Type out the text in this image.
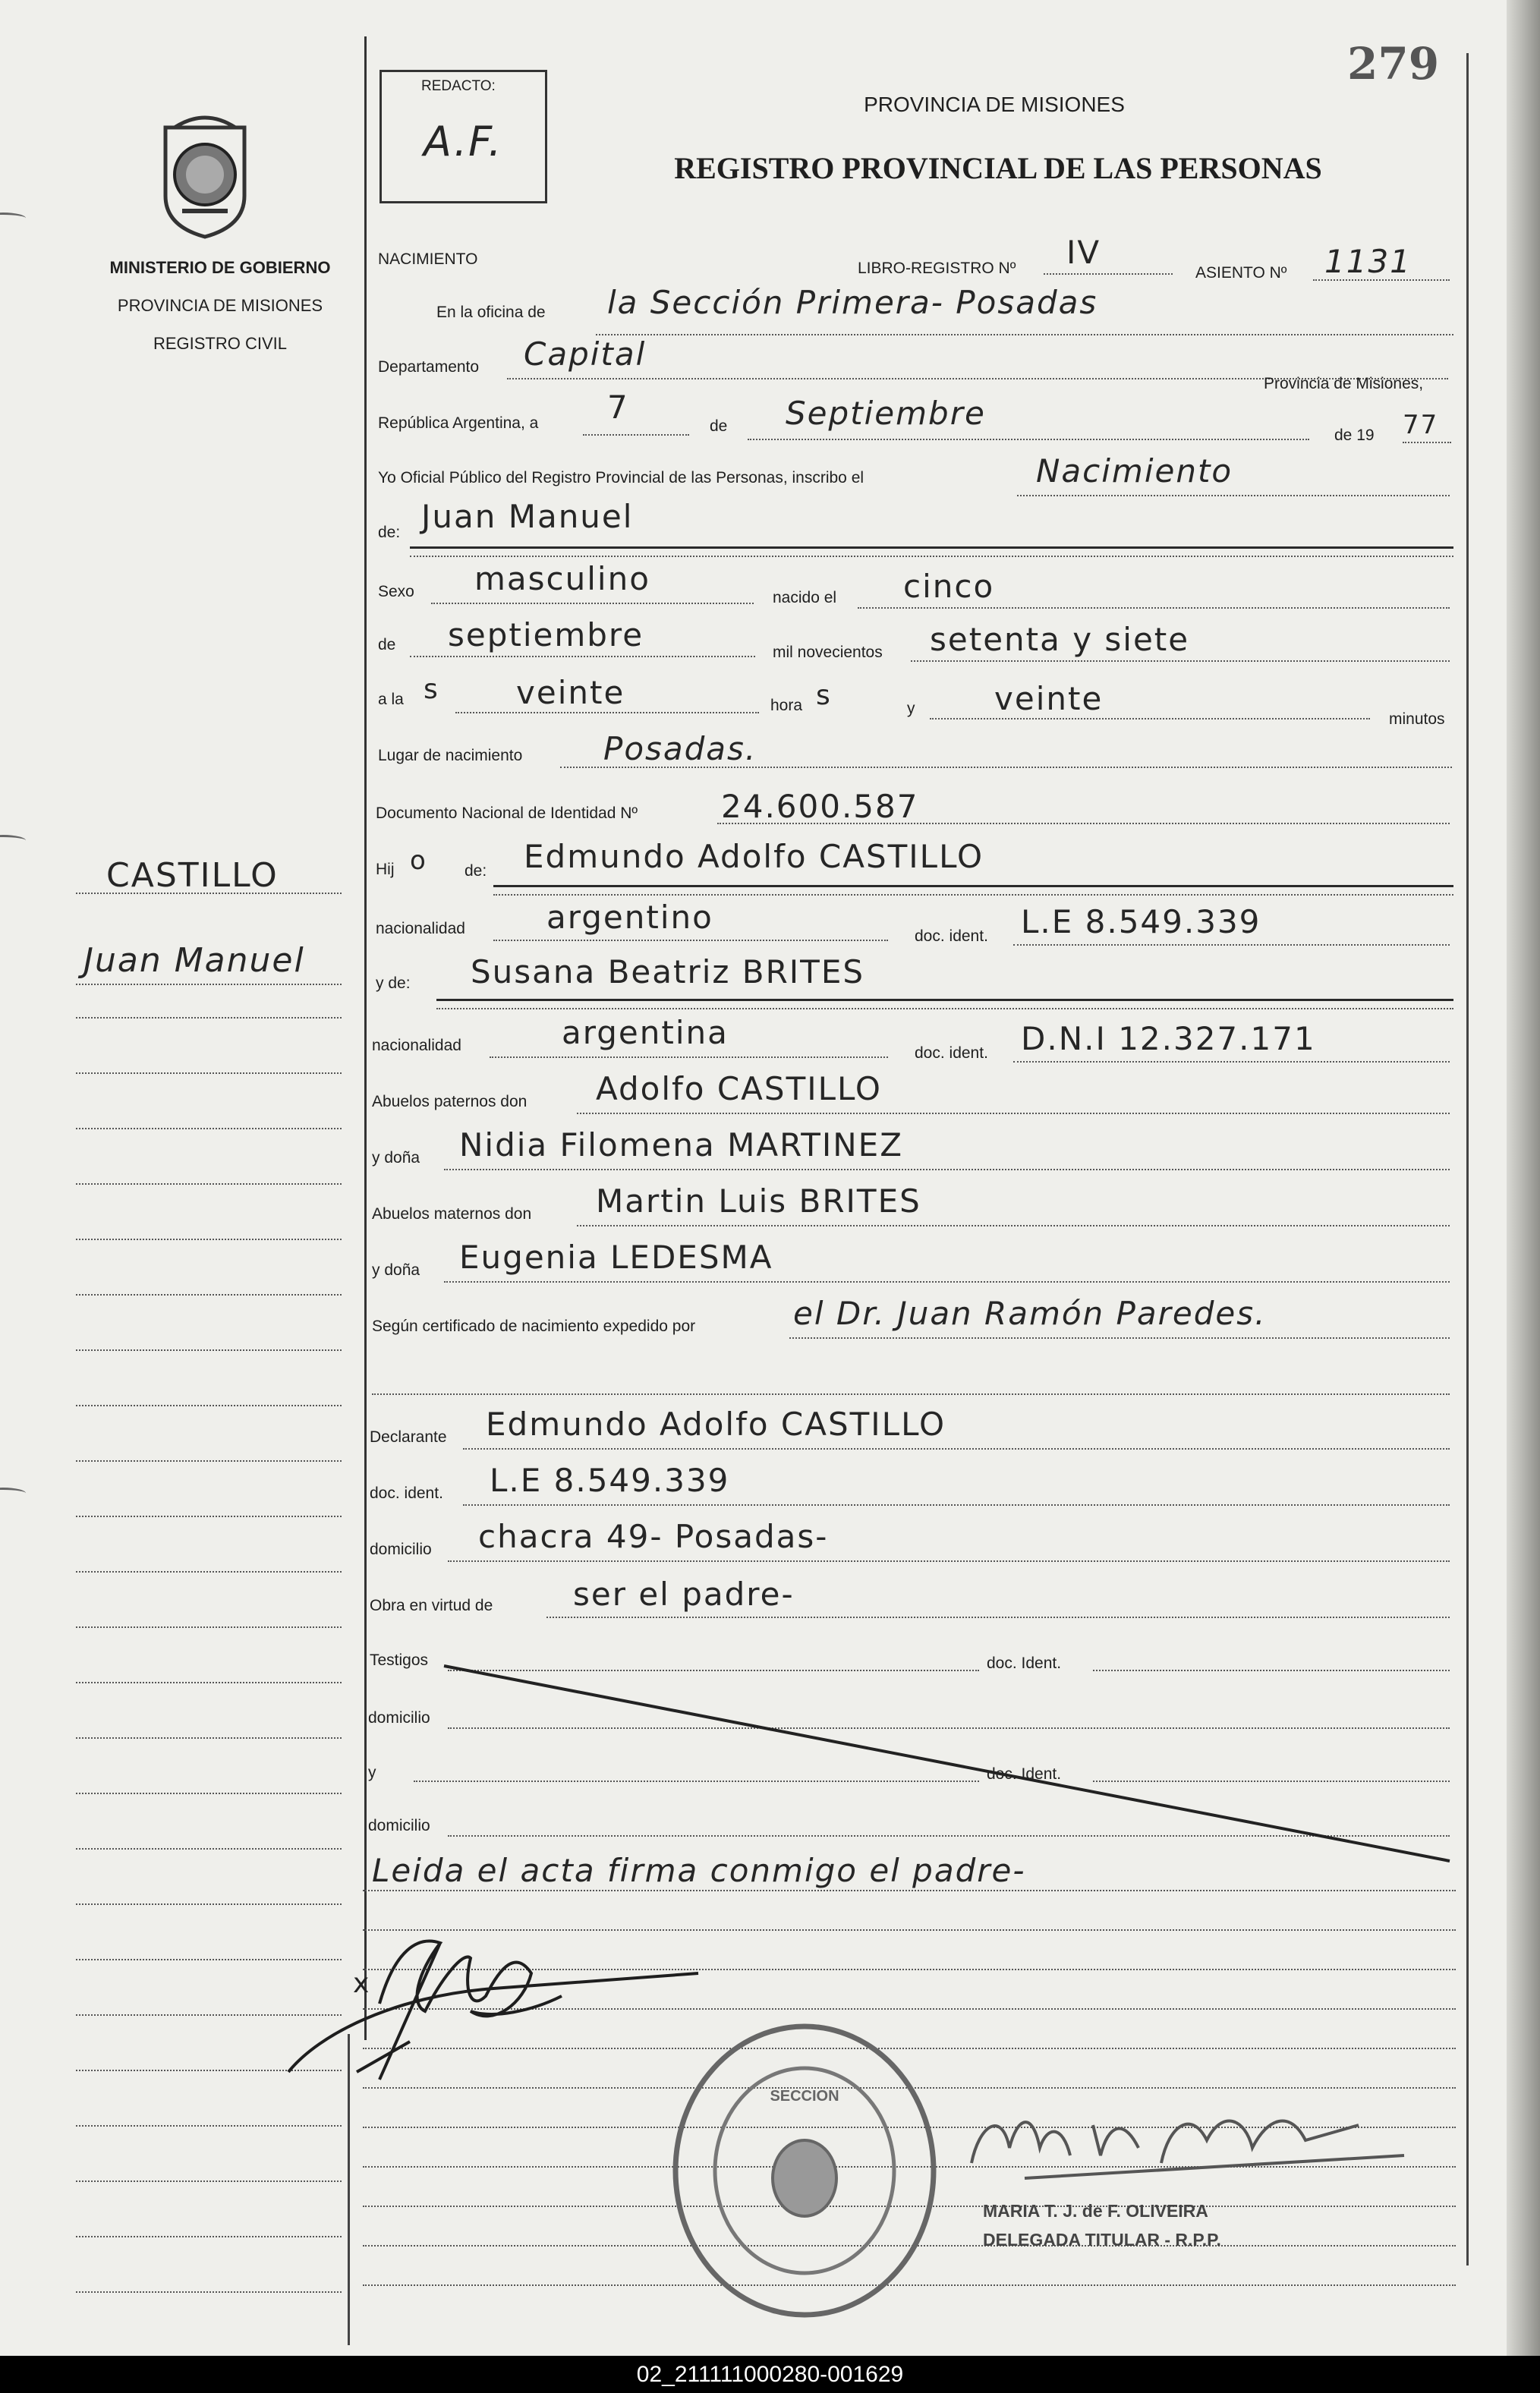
279
MINISTERIO DE GOBIERNO
PROVINCIA DE MISIONES
REGISTRO CIVIL
REDACTO:
A.F.
PROVINCIA DE MISIONES
REGISTRO PROVINCIAL DE LAS PERSONAS
CASTILLO
Juan Manuel
NACIMIENTO
LIBRO-REGISTRO Nº IV
ASIENTO Nº 1131
En la oficina de la Sección Primera- Posadas
Departamento Capital
Provincia de Misiones,
República Argentina, a 7
de Septiembre
de 19 77
Yo Oficial Público del Registro Provincial de las Personas, inscribo el	Nacimiento
de: Juan Manuel
Sexo masculino
nacido el cinco
de septiembre	mil novecientos setenta y siete
a la s veinte	hora s	y veinte
minutos
Lugar de nacimiento	Posadas.
Documento Nacional de Identidad Nº	24.600.587
Hij o de: Edmundo Adolfo CASTILLO
nacionalidad	argentino
doc. ident. L.E 8.549.339
y de: Susana Beatriz BRITES
nacionalidad	argentina
doc. ident. D.N.I 12.327.171
Abuelos paternos don Adolfo CASTILLO
y doña Nidia Filomena MARTINEZ
Abuelos maternos don Martin Luis BRITES
y doña Eugenia LEDESMA
Según certificado de nacimiento expedido por	el Dr. Juan Ramón Paredes.
Declarante Edmundo Adolfo CASTILLO
doc. ident. L.E 8.549.339
domicilio chacra 49- Posadas-
Obra en virtud de	ser el padre-
Testigos	doc. Ident.
domicilio
y	doc. Ident.
domicilio
Leida el acta firma conmigo el padre-
x
SECCION
MARIA T. J. de F. OLIVEIRA
DELEGADA TITULAR - R.P.P.
02_211111000280-001629
